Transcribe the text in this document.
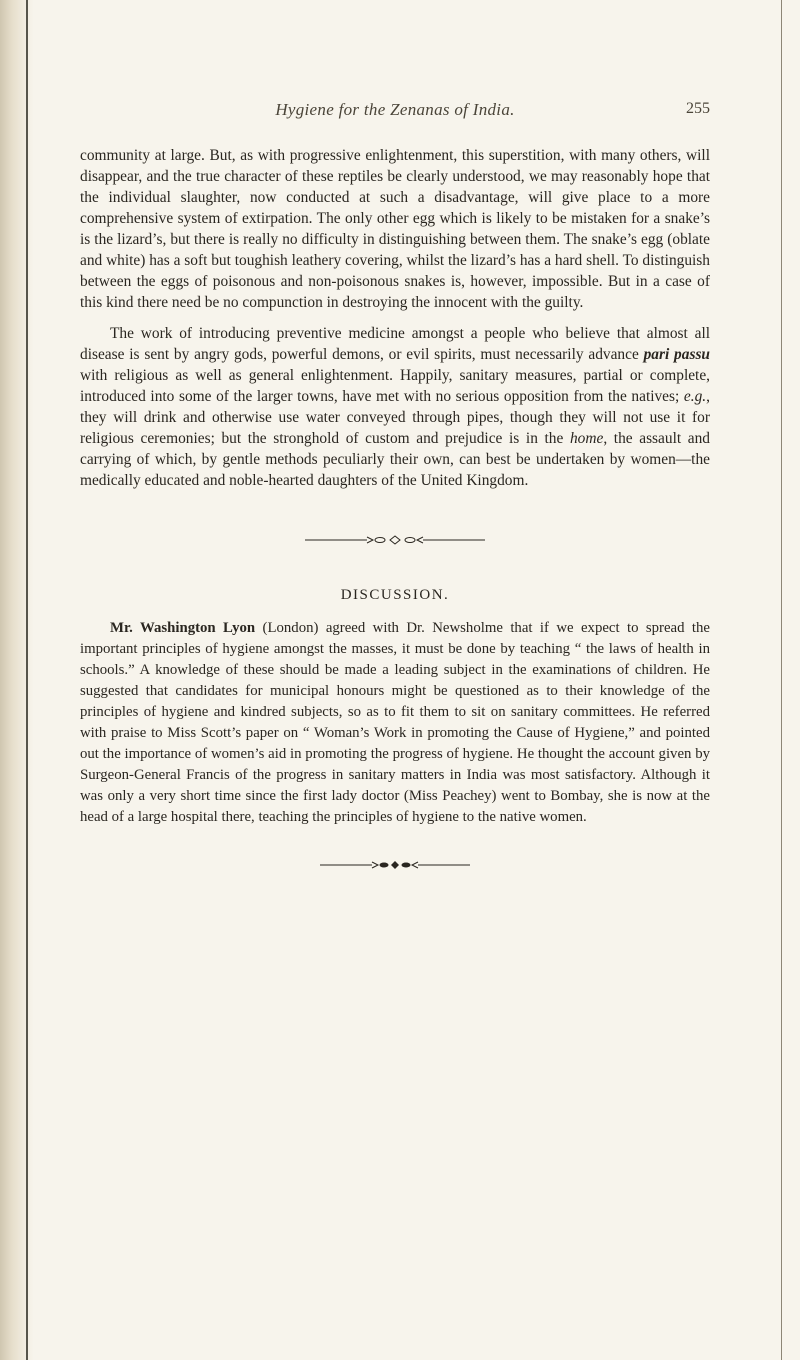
Hygiene for the Zenanas of India.	255

community at large. But, as with progressive enlightenment, this superstition, with many others, will disappear, and the true character of these reptiles be clearly understood, we may reasonably hope that the individual slaughter, now conducted at such a disadvantage, will give place to a more comprehensive system of extirpation. The only other egg which is likely to be mistaken for a snake’s is the lizard’s, but there is really no difficulty in distinguishing between them. The snake’s egg (oblate and white) has a soft but toughish leathery covering, whilst the lizard’s has a hard shell. To distinguish between the eggs of poisonous and non-poisonous snakes is, however, impossible. But in a case of this kind there need be no compunction in destroying the innocent with the guilty.

The work of introducing preventive medicine amongst a people who believe that almost all disease is sent by angry gods, powerful demons, or evil spirits, must necessarily advance pari passu with religious as well as general enlightenment. Happily, sanitary measures, partial or complete, introduced into some of the larger towns, have met with no serious opposition from the natives; e.g., they will drink and otherwise use water conveyed through pipes, though they will not use it for religious ceremonies; but the stronghold of custom and prejudice is in the home, the assault and carrying of which, by gentle methods peculiarly their own, can best be undertaken by women—the medically educated and noble-hearted daughters of the United Kingdom.

DISCUSSION.

Mr. Washington Lyon (London) agreed with Dr. Newsholme that if we expect to spread the important principles of hygiene amongst the masses, it must be done by teaching “ the laws of health in schools.” A knowledge of these should be made a leading subject in the examinations of children. He suggested that candidates for municipal honours might be questioned as to their knowledge of the principles of hygiene and kindred subjects, so as to fit them to sit on sanitary committees. He referred with praise to Miss Scott’s paper on “ Woman’s Work in promoting the Cause of Hygiene,” and pointed out the importance of women’s aid in promoting the progress of hygiene. He thought the account given by Surgeon-General Francis of the progress in sanitary matters in India was most satisfactory. Although it was only a very short time since the first lady doctor (Miss Peachey) went to Bombay, she is now at the head of a large hospital there, teaching the principles of hygiene to the native women.
